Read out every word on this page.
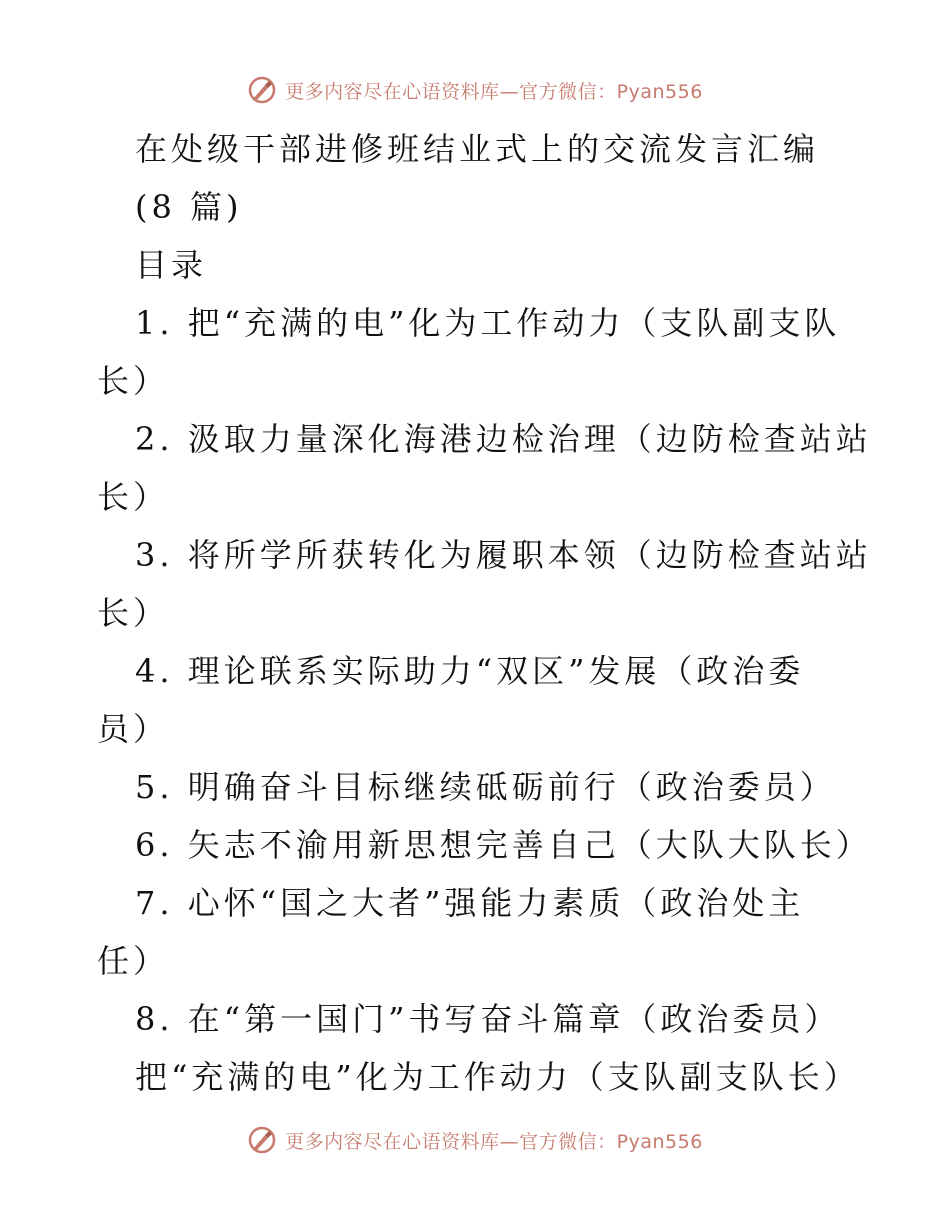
更多内容尽在心语资料库—官方微信：Pyan556
在处级干部进修班结业式上的交流发言汇编
(8 篇)
目录
1. 把“充满的电”化为工作动力（支队副支队
长）
2. 汲取力量深化海港边检治理（边防检查站站
长）
3. 将所学所获转化为履职本领（边防检查站站
长）
4. 理论联系实际助力“双区”发展（政治委
员）
5. 明确奋斗目标继续砥砺前行（政治委员）
6. 矢志不渝用新思想完善自己（大队大队长）
7. 心怀“国之大者”强能力素质（政治处主
任）
8. 在“第一国门”书写奋斗篇章（政治委员）
把“充满的电”化为工作动力（支队副支队长）
更多内容尽在心语资料库—官方微信：Pyan556
